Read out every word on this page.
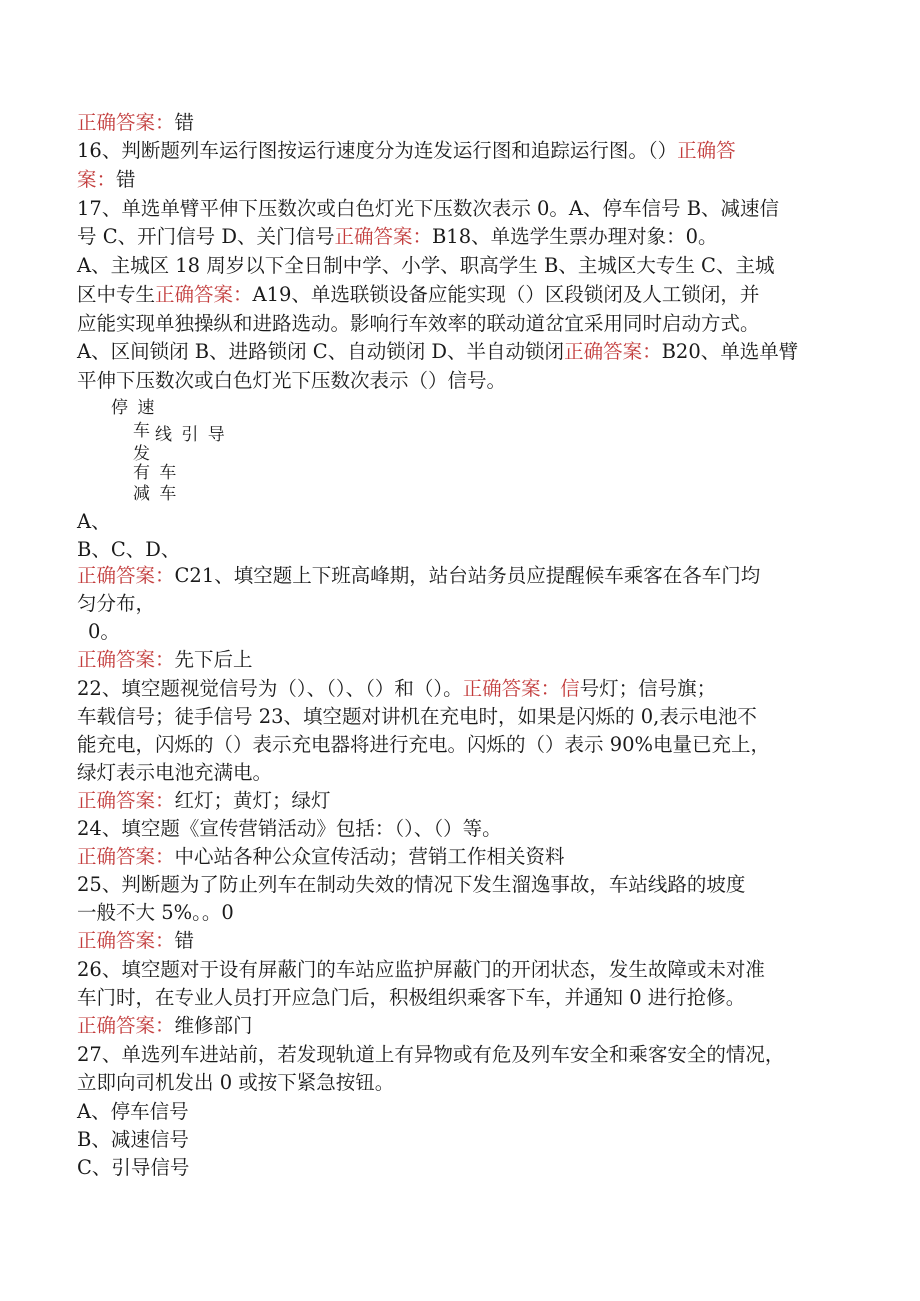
正确答案：错
16、判断题列车运行图按运行速度分为连发运行图和追踪运行图。（）正确答
案：错
17、单选单臂平伸下压数次或白色灯光下压数次表示 0。A、停车信号 B、减速信
号 C、开门信号 D、关门信号正确答案：B18、单选学生票办理对象：0。
A、主城区 18 周岁以下全日制中学、小学、职高学生 B、主城区大专生 C、主城
区中专生正确答案：A19、单选联锁设备应能实现（）区段锁闭及人工锁闭，并
应能实现单独操纵和进路选动。影响行车效率的联动道岔宜采用同时启动方式。
A、区间锁闭 B、进路锁闭 C、自动锁闭 D、半自动锁闭正确答案：B20、单选单臂
平伸下压数次或白色灯光下压数次表示（）信号。
停 速
车 线 引 导
发
有 车
减 车
A、
B、C、D、
正确答案：C21、填空题上下班高峰期，站台站务员应提醒候车乘客在各车门均
匀分布，
0。
正确答案：先下后上
22、填空题视觉信号为（）、（）、（）和（）。正确答案：信号灯；信号旗；
车载信号；徒手信号 23、填空题对讲机在充电时，如果是闪烁的 0,表示电池不
能充电，闪烁的（）表示充电器将进行充电。闪烁的（）表示 90%电量已充上，
绿灯表示电池充满电。
正确答案：红灯；黄灯；绿灯
24、填空题《宣传营销活动》包括：（）、（）等。
正确答案：中心站各种公众宣传活动；营销工作相关资料
25、判断题为了防止列车在制动失效的情况下发生溜逸事故，车站线路的坡度
一般不大 5%。。0
正确答案：错
26、填空题对于设有屏蔽门的车站应监护屏蔽门的开闭状态，发生故障或未对准
车门时，在专业人员打开应急门后，积极组织乘客下车，并通知 0 进行抢修。
正确答案：维修部门
27、单选列车进站前，若发现轨道上有异物或有危及列车安全和乘客安全的情况，
立即向司机发出 0 或按下紧急按钮。
A、停车信号
B、减速信号
C、引导信号
